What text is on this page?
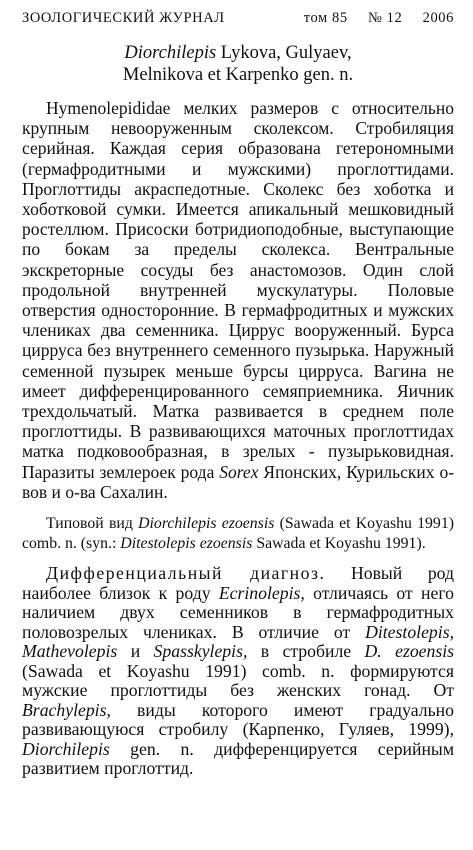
ЗООЛОГИЧЕСКИЙ ЖУРНАЛ	том 85 № 12 2006
Diorchilepis Lykova, Gulyaev,
Melnikova et Karpenko gen. n.

Hymenolepididae мелких размеров с относительно крупным невооруженным сколексом. Стробиляция серийная. Каждая серия образована гетерономными (гермафродитными и мужскими) проглоттидами. Проглоттиды акраспедотные. Сколекс без хоботка и хоботковой сумки. Имеется апикальный мешковидный ростеллюм. Присоски ботридиоподобные, выступающие по бокам за пределы сколекса. Вентральные экскреторные сосуды без анастомозов. Один слой продольной внутренней мускулатуры. Половые отверстия односторонние. В гермафродитных и мужских члениках два семенника. Циррус вооруженный. Бурса цирруса без внутреннего семенного пузырька. Наружный семенной пузырек меньше бурсы цирруса. Вагина не имеет дифференцированного семяприемника. Яичник трехдольчатый. Матка развивается в среднем поле проглоттиды. В развивающихся маточных проглоттидах матка подковообразная, в зрелых - пузырьковидная. Паразиты землероек рода Sorex Японских, Курильских о-вов и о-ва Сахалин.

Типовой вид Diorchilepis ezoensis (Sawada et Koyashu 1991) comb. n. (syn.: Ditestolepis ezoensis Sawada et Koyashu 1991).

Дифференциальный диагноз. Новый род наиболее близок к роду Ecrinolepis, отличаясь от него наличием двух семенников в гермафродитных половозрелых члениках. В отличие от Ditestolepis, Mathevolepis и Spasskylepis, в стробиле D. ezoensis (Sawada et Koyashu 1991) comb. n. формируются мужские проглоттиды без женских гонад. От Brachylepis, виды которого имеют градуально развивающуюся стробилу (Карпенко, Гуляев, 1999), Diorchilepis gen. n. дифференцируется серийным развитием проглоттид.
